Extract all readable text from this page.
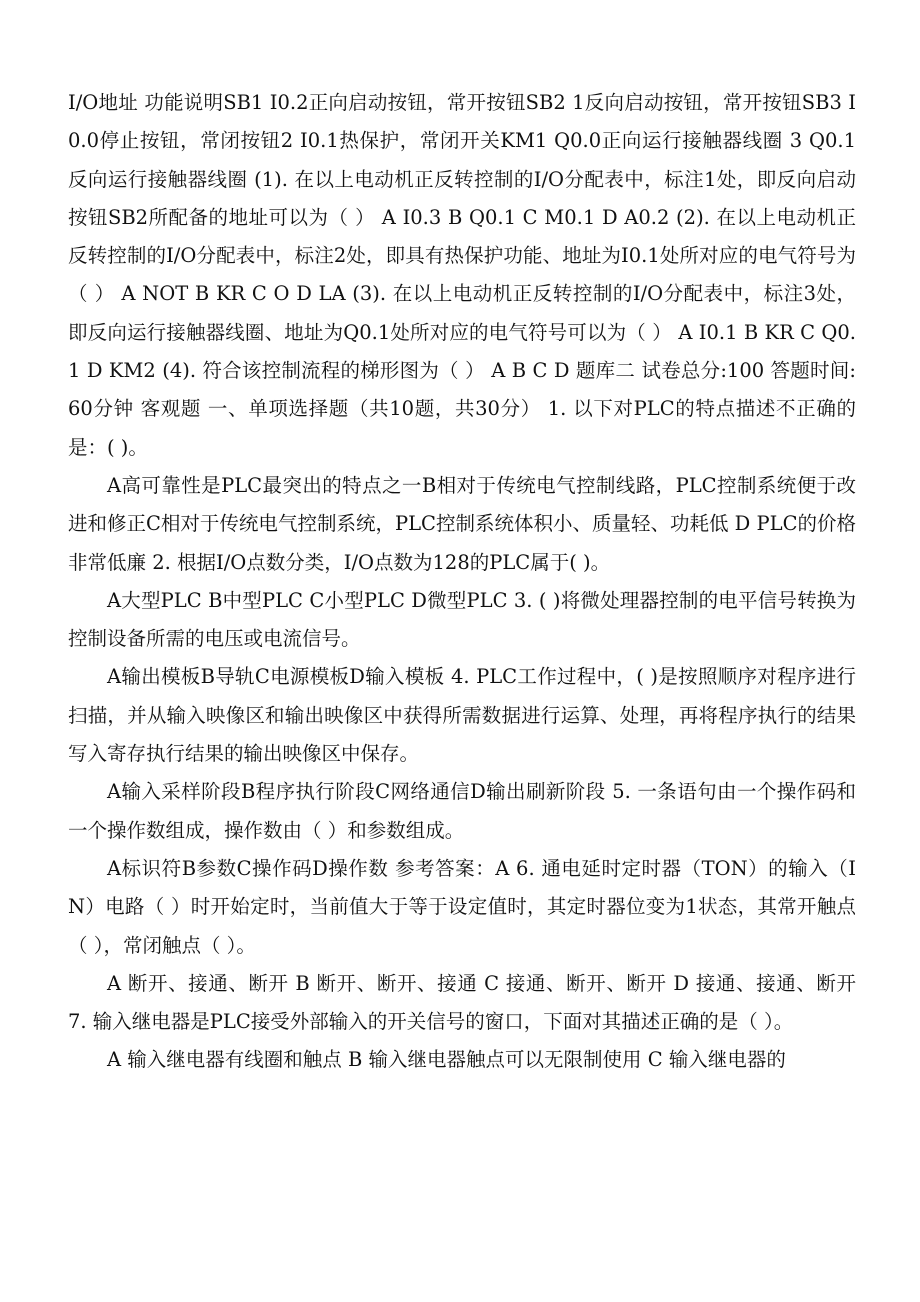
I/O地址 功能说明SB1 I0.2正向启动按钮，常开按钮SB2 1反向启动按钮，常开按钮SB3 I0.0停止按钮，常闭按钮2 I0.1热保护，常闭开关KM1 Q0.0正向运行接触器线圈 3 Q0.1 反向运行接触器线圈 (1). 在以上电动机正反转控制的I/O分配表中，标注1处，即反向启动按钮SB2所配备的地址可以为（ ） A I0.3 B Q0.1 C M0.1 D A0.2 (2). 在以上电动机正反转控制的I/O分配表中，标注2处，即具有热保护功能、地址为I0.1处所对应的电气符号为（ ） A NOT B KR C O D LA (3). 在以上电动机正反转控制的I/O分配表中，标注3处，即反向运行接触器线圈、地址为Q0.1处所对应的电气符号可以为（ ） A I0.1 B KR C Q0.1 D KM2 (4). 符合该控制流程的梯形图为（ ） A B C D 题库二 试卷总分:100 答题时间:60分钟 客观题 一、单项选择题（共10题，共30分） 1. 以下对PLC的特点描述不正确的是：( )。

A高可靠性是PLC最突出的特点之一B相对于传统电气控制线路，PLC控制系统便于改进和修正C相对于传统电气控制系统，PLC控制系统体积小、质量轻、功耗低 D PLC的价格非常低廉 2. 根据I/O点数分类，I/O点数为128的PLC属于( )。

A大型PLC B中型PLC C小型PLC D微型PLC 3. ( )将微处理器控制的电平信号转换为控制设备所需的电压或电流信号。

A输出模板B导轨C电源模板D输入模板 4. PLC工作过程中，( )是按照顺序对程序进行扫描，并从输入映像区和输出映像区中获得所需数据进行运算、处理，再将程序执行的结果写入寄存执行结果的输出映像区中保存。

A输入采样阶段B程序执行阶段C网络通信D输出刷新阶段 5. 一条语句由一个操作码和一个操作数组成，操作数由（ ）和参数组成。

A标识符B参数C操作码D操作数 参考答案：A 6. 通电延时定时器（TON）的输入（IN）电路（ ）时开始定时，当前值大于等于设定值时，其定时器位变为1状态，其常开触点（ ），常闭触点（ ）。

A 断开、接通、断开 B 断开、断开、接通 C 接通、断开、断开 D 接通、接通、断开 7. 输入继电器是PLC接受外部输入的开关信号的窗口，下面对其描述正确的是（ ）。

A 输入继电器有线圈和触点 B 输入继电器触点可以无限制使用 C 输入继电器的
